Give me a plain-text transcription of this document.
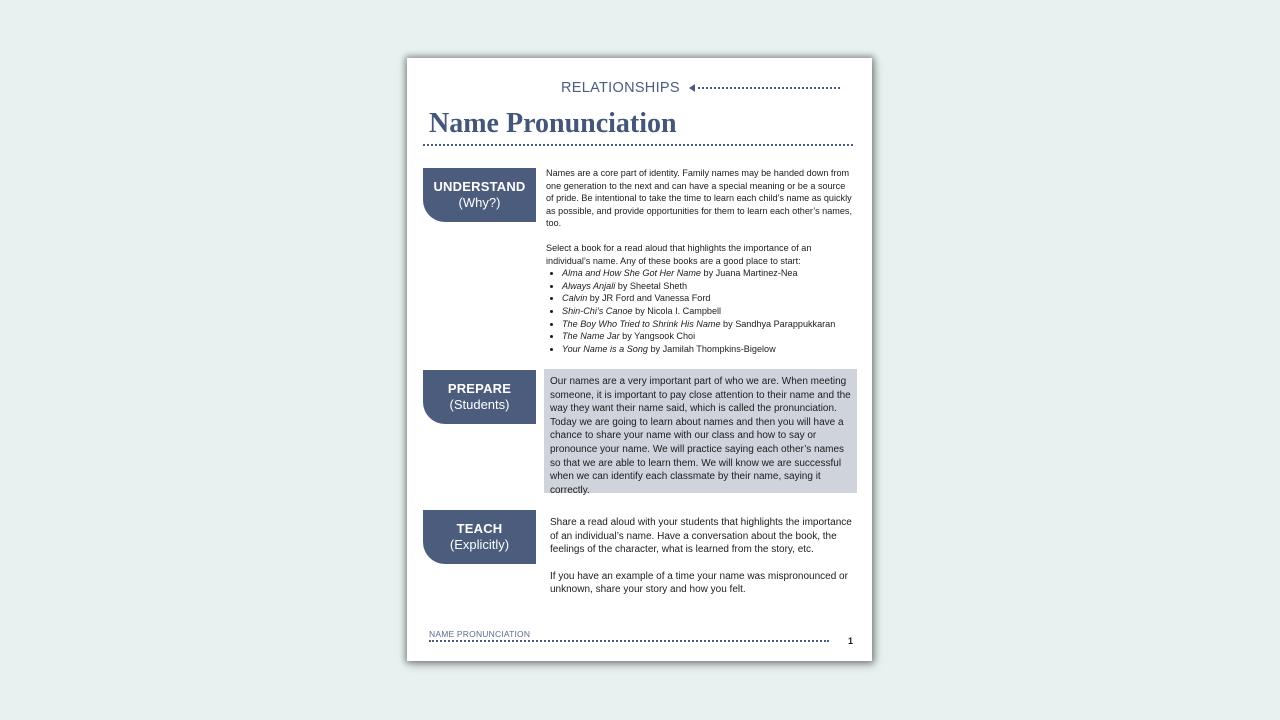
RELATIONSHIPS
Name Pronunciation
UNDERSTAND
(Why?)

Names are a core part of identity. Family names may be handed down from one generation to the next and can have a special meaning or be a source of pride. Be intentional to take the time to learn each child’s name as quickly as possible, and provide opportunities for them to learn each other’s names, too.

Select a book for a read aloud that highlights the importance of an individual’s name. Any of these books are a good place to start:

• Alma and How She Got Her Name by Juana Martinez-Nea
• Always Anjali by Sheetal Sheth
• Calvin by JR Ford and Vanessa Ford
• Shin-Chi’s Canoe by Nicola I. Campbell
• The Boy Who Tried to Shrink His Name by Sandhya Parappukkaran
• The Name Jar by Yangsook Choi
• Your Name is a Song by Jamilah Thompkins-Bigelow
PREPARE
(Students)
Our names are a very important part of who we are. When meeting someone, it is important to pay close attention to their name and the way they want their name said, which is called the pronunciation. Today we are going to learn about names and then you will have a chance to share your name with our class and how to say or pronounce your name. We will practice saying each other’s names so that we are able to learn them. We will know we are successful when we can identify each classmate by their name, saying it correctly.
TEACH
(Explicitly)

Share a read aloud with your students that highlights the importance of an individual’s name. Have a conversation about the book, the feelings of the character, what is learned from the story, etc.

If you have an example of a time your name was mispronounced or unknown, share your story and how you felt.

NAME PRONUNCIATION
1
